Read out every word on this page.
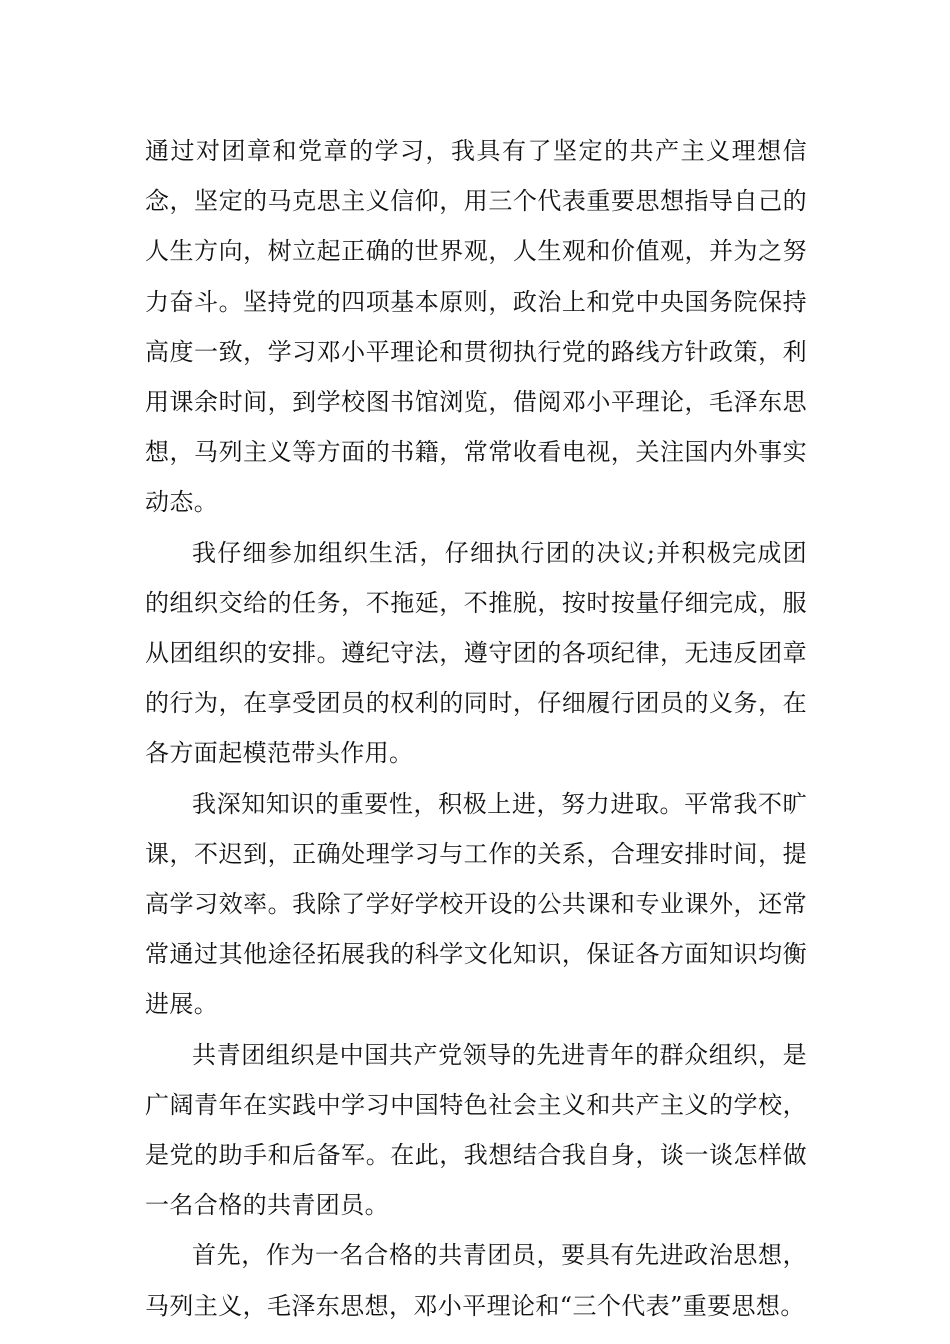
通过对团章和党章的学习，我具有了坚定的共产主义理想信念，坚定的马克思主义信仰，用三个代表重要思想指导自己的人生方向，树立起正确的世界观，人生观和价值观，并为之努力奋斗。坚持党的四项基本原则，政治上和党中央国务院保持高度一致，学习邓小平理论和贯彻执行党的路线方针政策，利用课余时间，到学校图书馆浏览，借阅邓小平理论，毛泽东思想，马列主义等方面的书籍，常常收看电视，关注国内外事实动态。

我仔细参加组织生活，仔细执行团的决议;并积极完成团的组织交给的任务，不拖延，不推脱，按时按量仔细完成，服从团组织的安排。遵纪守法，遵守团的各项纪律，无违反团章的行为，在享受团员的权利的同时，仔细履行团员的义务，在各方面起模范带头作用。

我深知知识的重要性，积极上进，努力进取。平常我不旷课，不迟到，正确处理学习与工作的关系，合理安排时间，提高学习效率。我除了学好学校开设的公共课和专业课外，还常常通过其他途径拓展我的科学文化知识，保证各方面知识均衡进展。

共青团组织是中国共产党领导的先进青年的群众组织，是广阔青年在实践中学习中国特色社会主义和共产主义的学校，是党的助手和后备军。在此，我想结合我自身，谈一谈怎样做一名合格的共青团员。

首先，作为一名合格的共青团员，要具有先进政治思想，马列主义，毛泽东思想，邓小平理论和“三个代表”重要思想。
